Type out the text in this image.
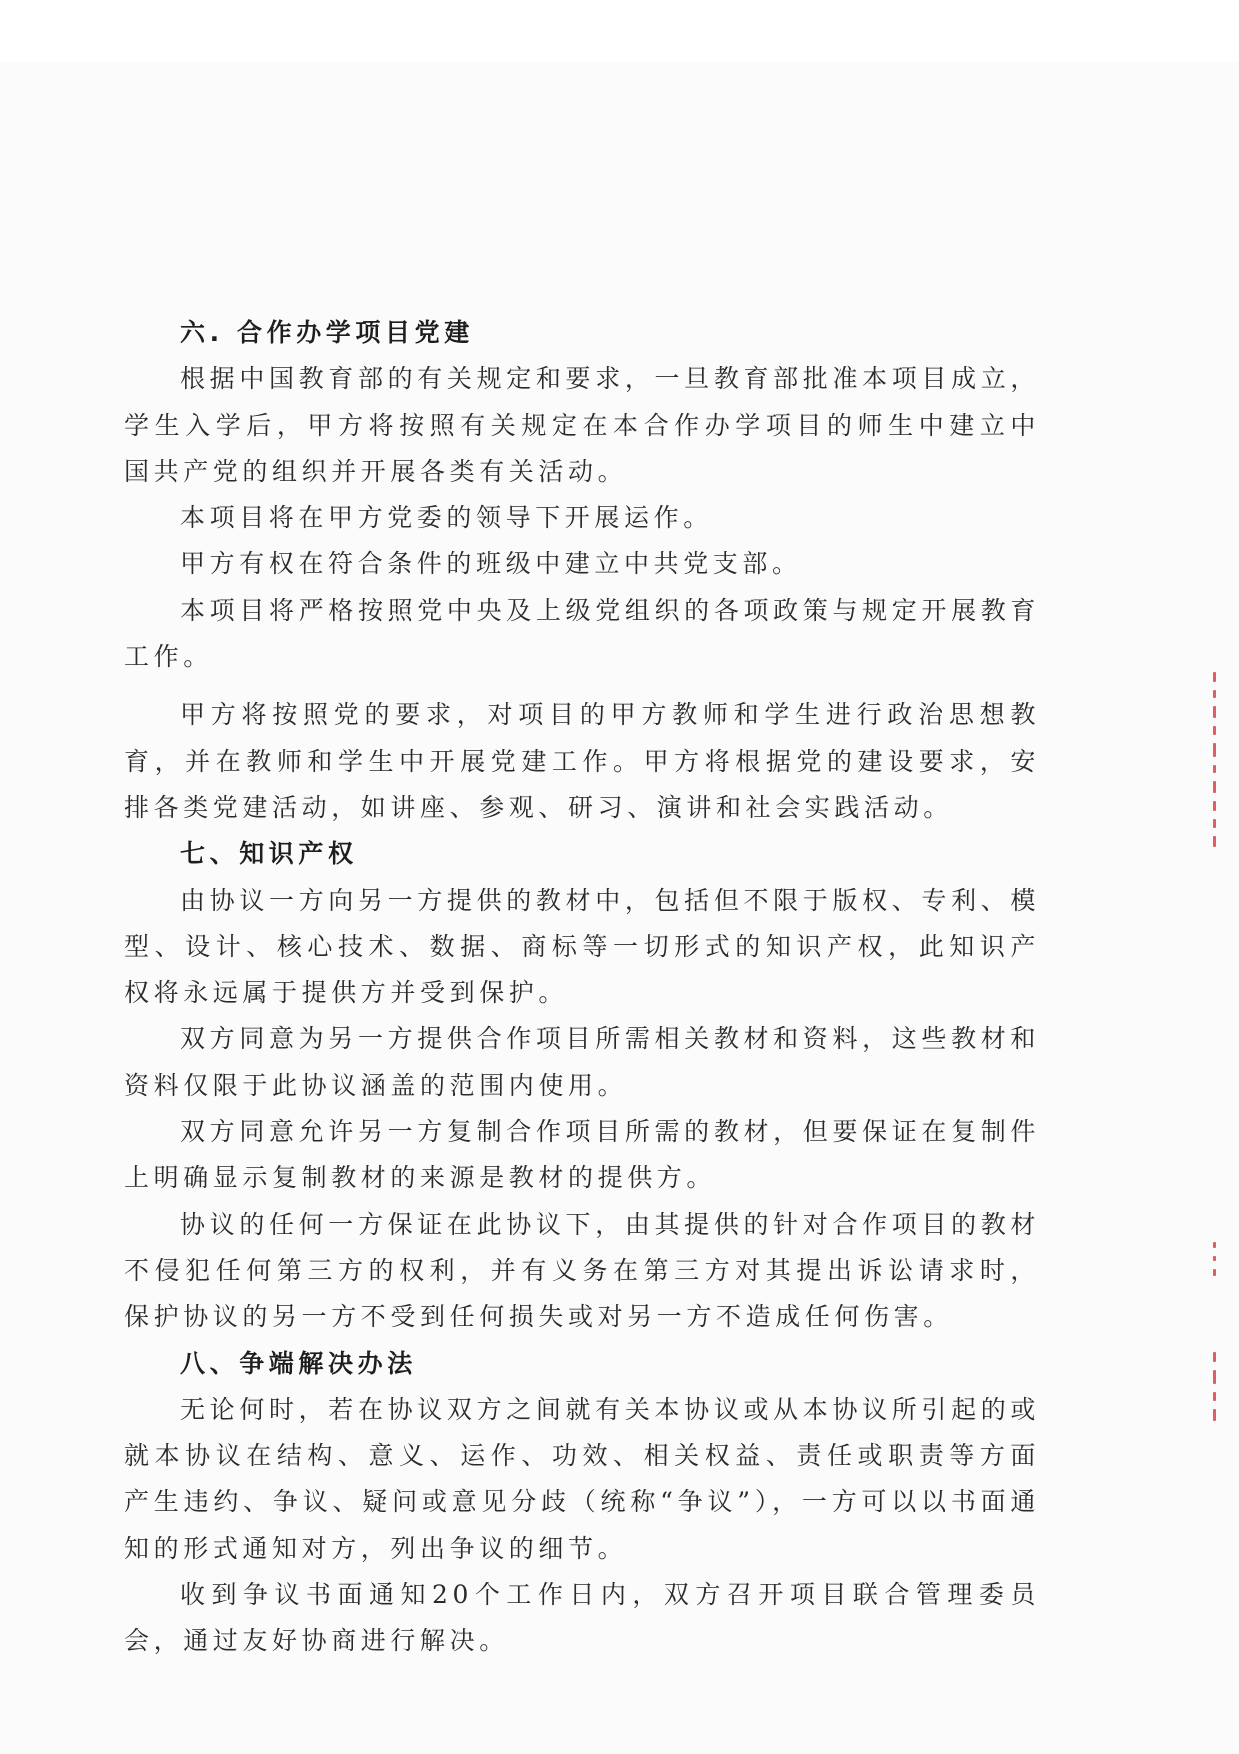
六. 合作办学项目党建
根据中国教育部的有关规定和要求，一旦教育部批准本项目成立，学生入学后，甲方将按照有关规定在本合作办学项目的师生中建立中国共产党的组织并开展各类有关活动。
本项目将在甲方党委的领导下开展运作。
甲方有权在符合条件的班级中建立中共党支部。
本项目将严格按照党中央及上级党组织的各项政策与规定开展教育工作。
甲方将按照党的要求，对项目的甲方教师和学生进行政治思想教育，并在教师和学生中开展党建工作。甲方将根据党的建设要求，安排各类党建活动，如讲座、参观、研习、演讲和社会实践活动。
七、知识产权
由协议一方向另一方提供的教材中，包括但不限于版权、专利、模型、设计、核心技术、数据、商标等一切形式的知识产权，此知识产权将永远属于提供方并受到保护。
双方同意为另一方提供合作项目所需相关教材和资料，这些教材和资料仅限于此协议涵盖的范围内使用。
双方同意允许另一方复制合作项目所需的教材，但要保证在复制件上明确显示复制教材的来源是教材的提供方。
协议的任何一方保证在此协议下，由其提供的针对合作项目的教材不侵犯任何第三方的权利，并有义务在第三方对其提出诉讼请求时，保护协议的另一方不受到任何损失或对另一方不造成任何伤害。
八、争端解决办法
无论何时，若在协议双方之间就有关本协议或从本协议所引起的或就本协议在结构、意义、运作、功效、相关权益、责任或职责等方面产生违约、争议、疑问或意见分歧（统称“争议”），一方可以以书面通知的形式通知对方，列出争议的细节。
收到争议书面通知20个工作日内，双方召开项目联合管理委员会，通过友好协商进行解决。
